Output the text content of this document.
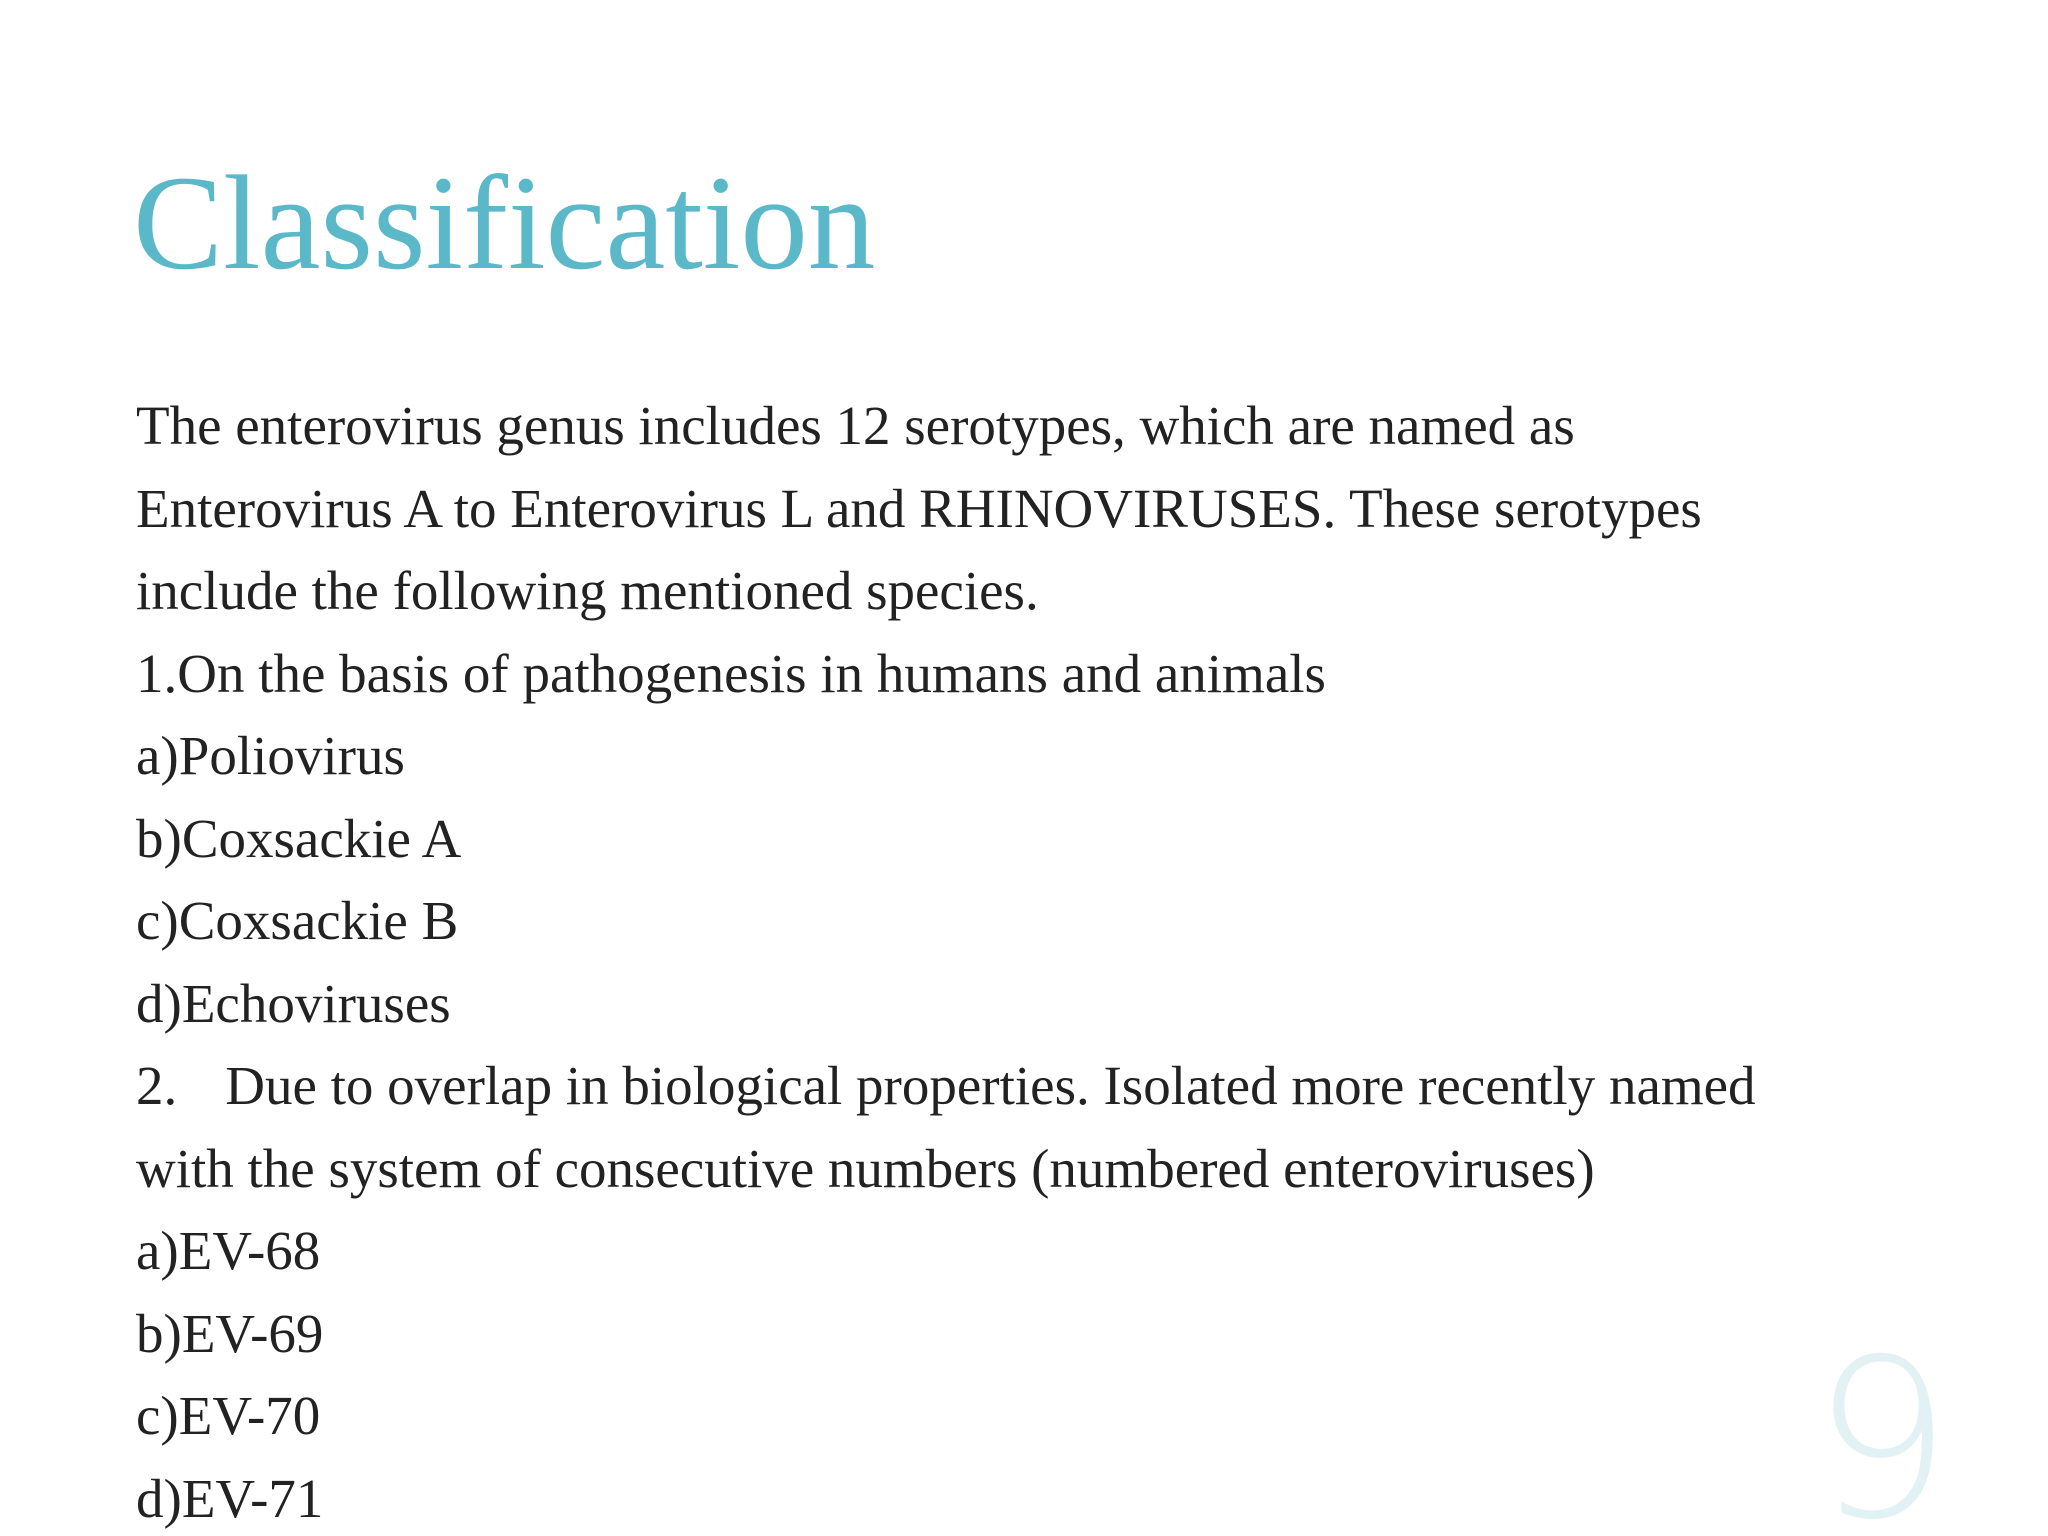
Classification
The enterovirus genus includes 12 serotypes, which are named as
Enterovirus A to Enterovirus L and RHINOVIRUSES. These serotypes
include the following mentioned species.
1.On the basis of pathogenesis in humans and animals
a)Poliovirus
b)Coxsackie A
c)Coxsackie B
d)Echoviruses
2. Due to overlap in biological properties. Isolated more recently named
with the system of consecutive numbers (numbered enteroviruses)
a)EV-68
b)EV-69
c)EV-70
d)EV-71	9
